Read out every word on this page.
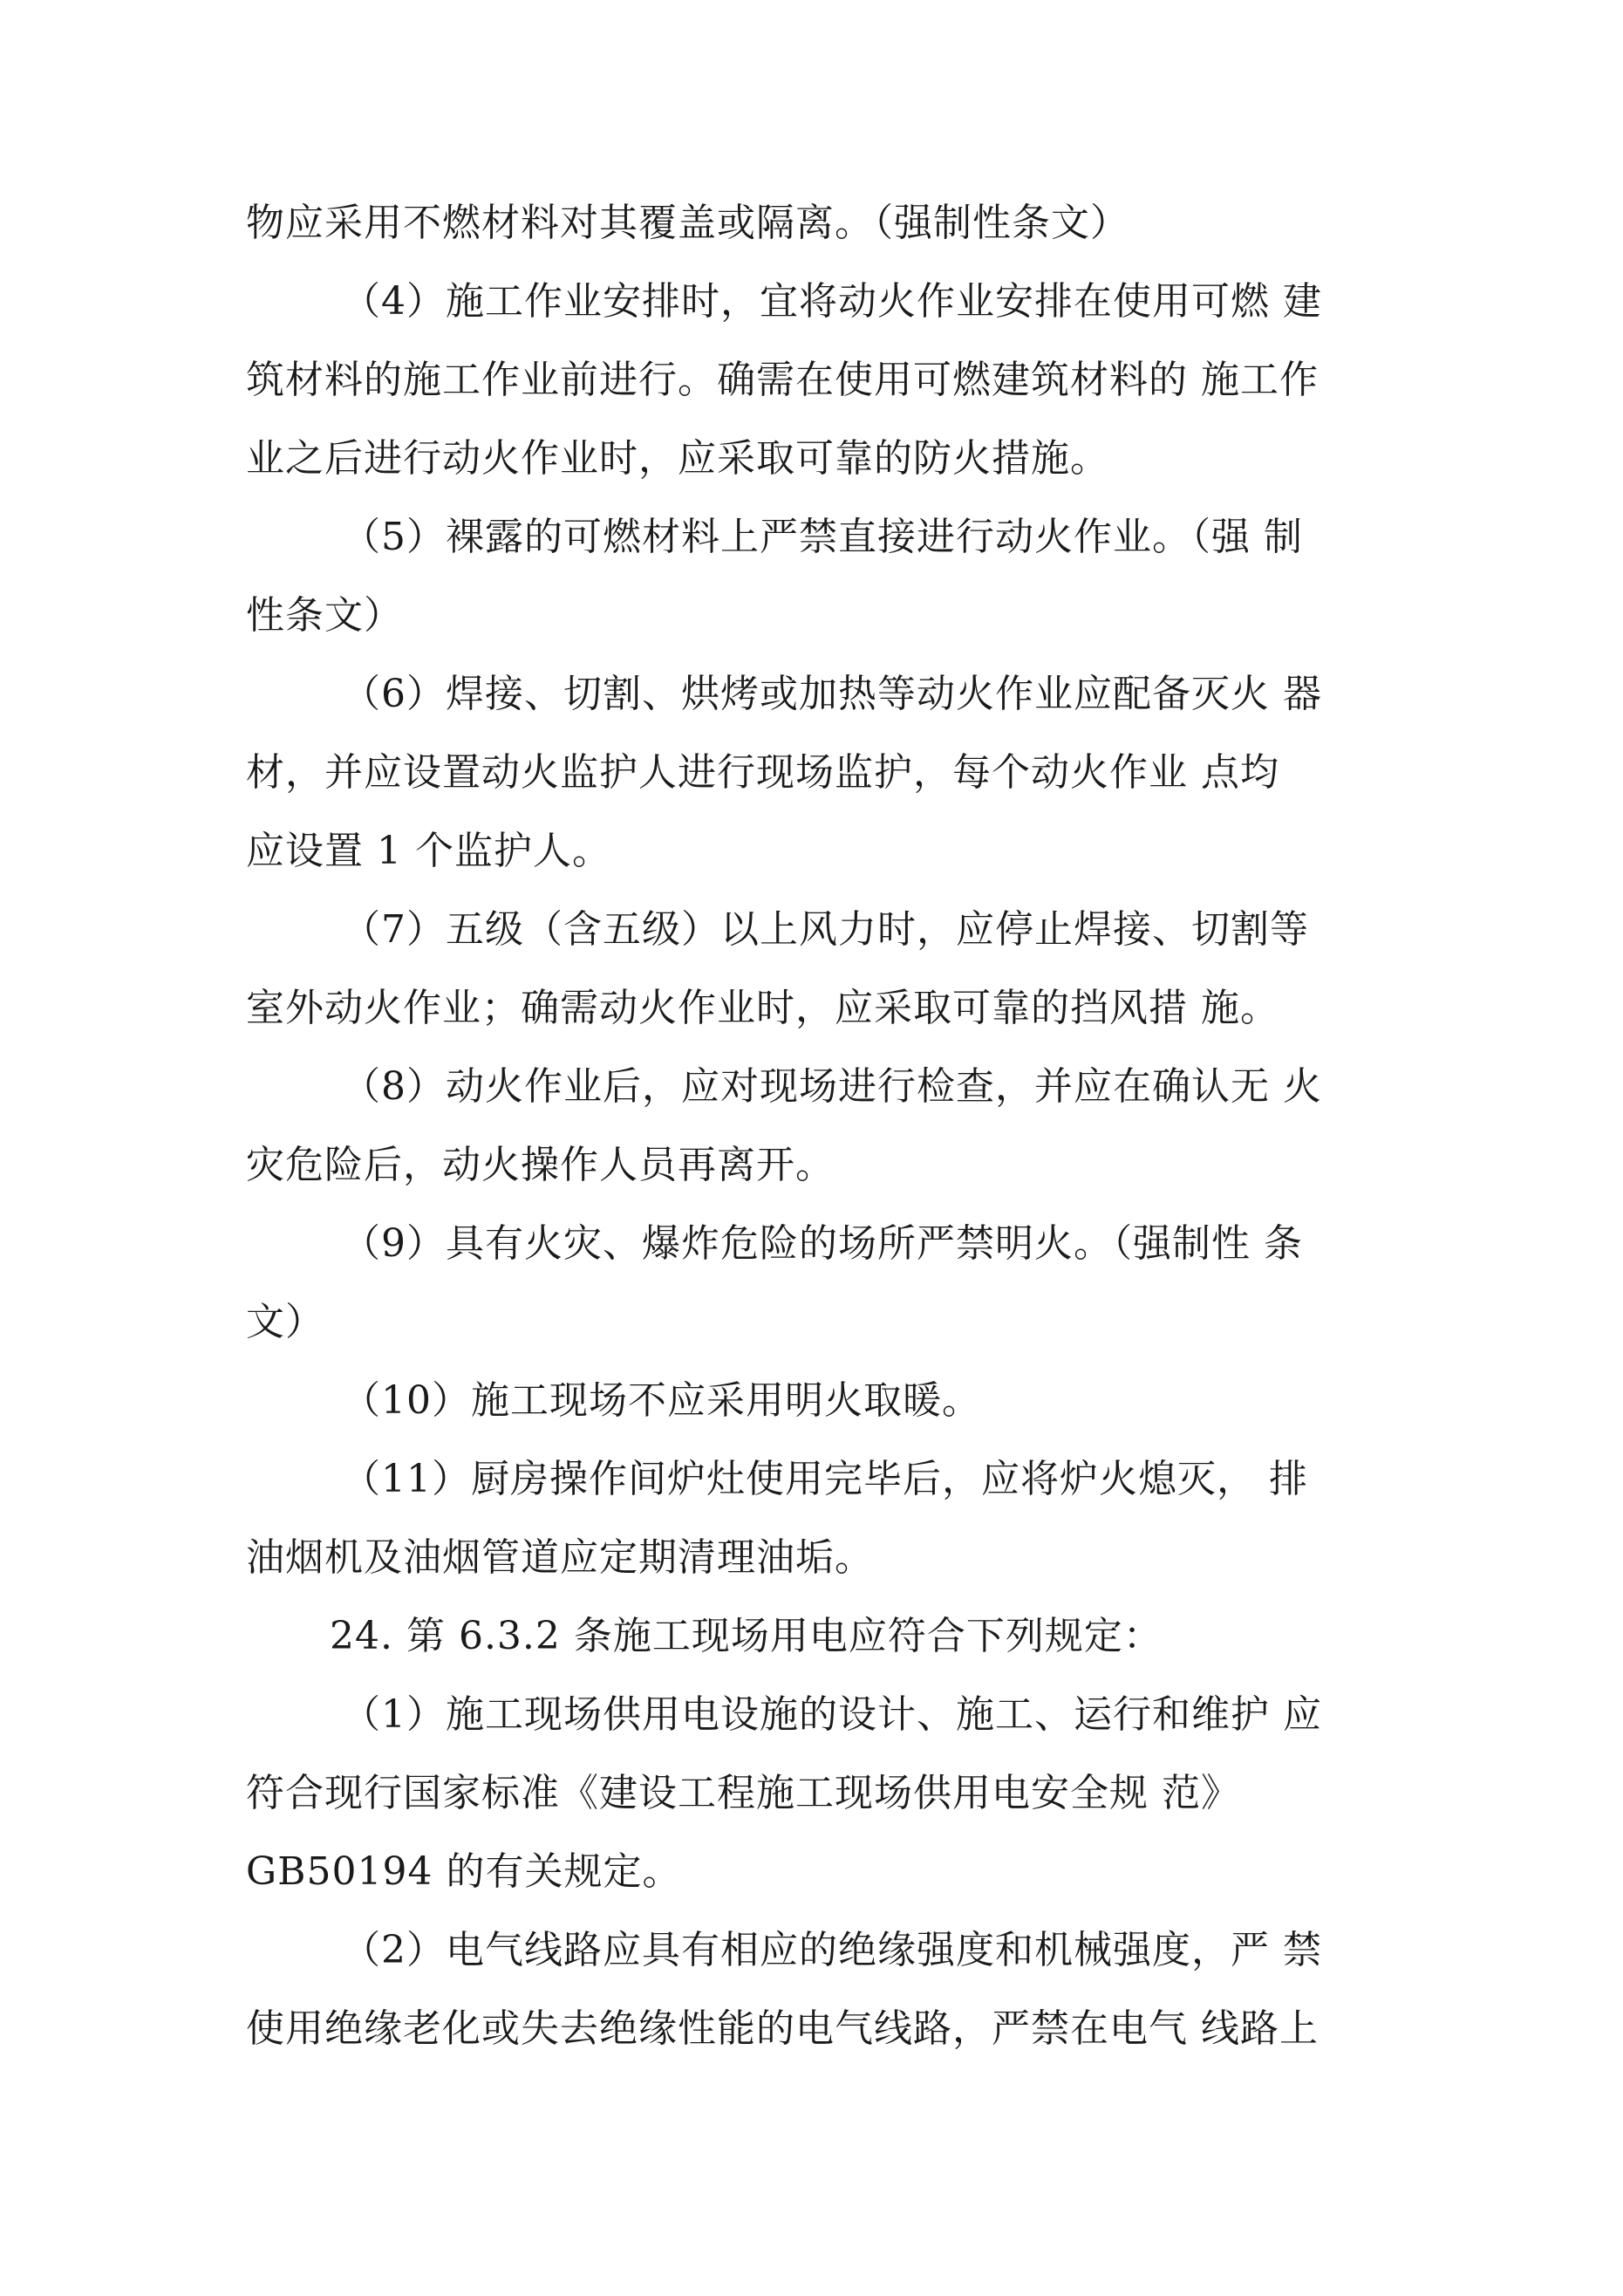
物应采用不燃材料对其覆盖或隔离。（强制性条文）
（4）施工作业安排时，宜将动火作业安排在使用可燃 建
筑材料的施工作业前进行。确需在使用可燃建筑材料的 施工作
业之后进行动火作业时，应采取可靠的防火措施。
（5）裸露的可燃材料上严禁直接进行动火作业。（强 制
性条文）
（6）焊接、切割、烘烤或加热等动火作业应配备灭火 器
材，并应设置动火监护人进行现场监护，每个动火作业 点均
应设置 1 个监护人。
（7）五级（含五级）以上风力时，应停止焊接、切割等
室外动火作业；确需动火作业时，应采取可靠的挡风措 施。
（8）动火作业后，应对现场进行检查，并应在确认无 火
灾危险后，动火操作人员再离开。
（9）具有火灾、爆炸危险的场所严禁明火。（强制性 条
文）
（10）施工现场不应采用明火取暖。
（11）厨房操作间炉灶使用完毕后，应将炉火熄灭， 排
油烟机及油烟管道应定期清理油垢。
24. 第 6.3.2 条施工现场用电应符合下列规定：
（1）施工现场供用电设施的设计、施工、运行和维护 应
符合现行国家标准《建设工程施工现场供用电安全规 范》
GB50194 的有关规定。
（2）电气线路应具有相应的绝缘强度和机械强度，严 禁
使用绝缘老化或失去绝缘性能的电气线路，严禁在电气 线路上
